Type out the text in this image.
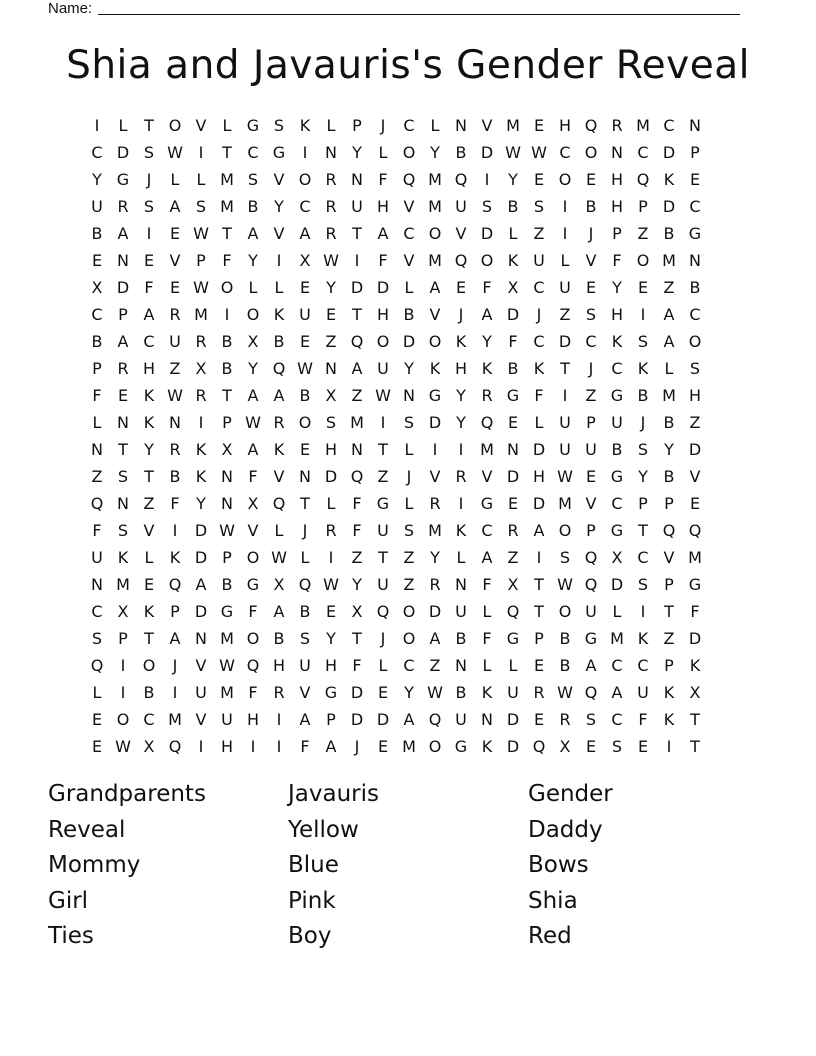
Name:
Shia and Javauris's Gender Reveal
I	L	T O V	L G S K	L	P	J	C L N V M E H Q R M C N
C D S W I	T C G	I	N Y	L O Y B D W W C O N C D P
Y G	J	L	L M S V O R N F Q M Q	I	Y	E O E H Q K E
U R S A S M B Y C R U H V M U S B S	I	B H P D C
B A	I	E W T A V A R T A C O V D L	Z	I	J	P Z B G
E N E V P	F	Y	I	X W I	F V M Q O K U L	V F O M N
X D F	E W O L	L	E	Y D D L	A E	F X C U E	Y	E Z B
C P A R M	I	O K U E	T H B V	J	A D	J	Z S H	I	A C
B A C U R B X B E Z Q O D O K Y	F C D C K S A O
P R H Z X B Y Q W N A U Y K H K B K T	J	C K	L	S
F	E K W R T A A B X Z W N G Y R G F	I	Z G B M H
L N K N	I	P W R O S M	I	S D Y Q E	L U P U	J	B Z
N T	Y R K X A K E H N T	L	I	I	M N D U U B S	Y D
Z S	T B K N F V N D Q Z	J	V R V D H W E G Y B V
Q N Z F	Y N X Q T	L	F G L R	I	G E D M V C P	P	E
F	S V	I	D W V	L	J	R F U S M K C R A O P G T Q Q
U K	L	K D P O W L	I	Z T Z Y	L	A Z	I	S Q X C V M
N M E Q A B G X Q W Y U Z R N F X T W Q D S	P G
C X K P D G F A B E X Q O D U L Q T O U L	I	T	F
S	P	T A N M O B S	Y	T	J	O A B F G P B G M K Z D
Q	I	O	J	V W Q H U H F	L C Z N L	L	E B A C C P K
L	I	B	I	U M F R V G D E	Y W B K U R W Q A U K X
E O C M V U H	I	A P D D A Q U N D E R S C F	K T
E W X Q	I	H	I	I	F A	J	E M O G K D Q X E S E	I	T
Grandparents	Javauris	Gender
Reveal	Yellow	Daddy
Mommy	Blue	Bows
Girl	Pink	Shia
Ties	Boy	Red
